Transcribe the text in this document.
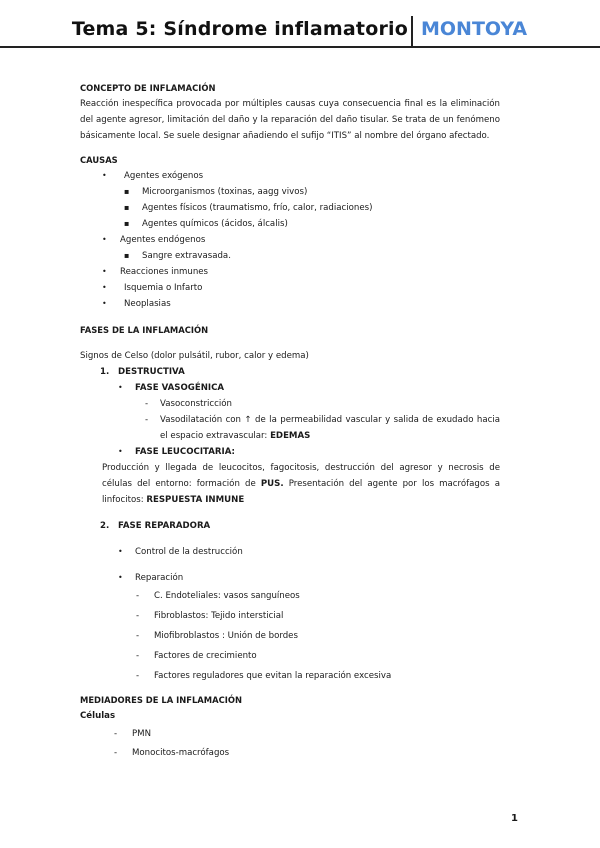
Tema 5: Síndrome inflamatorio MONTOYA

CONCEPTO DE INFLAMACIÓN

Reacción inespecífica provocada por múltiples causas cuya consecuencia final es la eliminación del agente agresor, limitación del daño y la reparación del daño tisular. Se trata de un fenómeno básicamente local. Se suele designar añadiendo el sufijo “ITIS” al nombre del órgano afectado.

CAUSAS

• Agentes exógenos
▪ Microorganismos (toxinas, aagg vivos)
▪ Agentes físicos (traumatismo, frío, calor, radiaciones)
▪ Agentes químicos (ácidos, álcalis)
• Agentes endógenos
▪ Sangre extravasada.
• Reacciones inmunes
• Isquemia o Infarto
• Neoplasias

FASES DE LA INFLAMACIÓN

Signos de Celso (dolor pulsátil, rubor, calor y edema)

1. DESTRUCTIVA
• FASE VASOGÉNICA
- Vasoconstricción
- Vasodilatación con ↑ de la permeabilidad vascular y salida de exudado hacia el espacio extravascular: EDEMAS
• FASE LEUCOCITARIA:

Producción y llegada de leucocitos, fagocitosis, destrucción del agresor y necrosis de células del entorno: formación de PUS. Presentación del agente por los macrófagos a linfocitos: RESPUESTA INMUNE

2. FASE REPARADORA
• Control de la destrucción
• Reparación
- C. Endoteliales: vasos sanguíneos
- Fibroblastos: Tejido intersticial
- Miofibroblastos : Unión de bordes
- Factores de crecimiento
- Factores reguladores que evitan la reparación excesiva

MEDIADORES DE LA INFLAMACIÓN

Células

- PMN
- Monocitos-macrófagos
1
